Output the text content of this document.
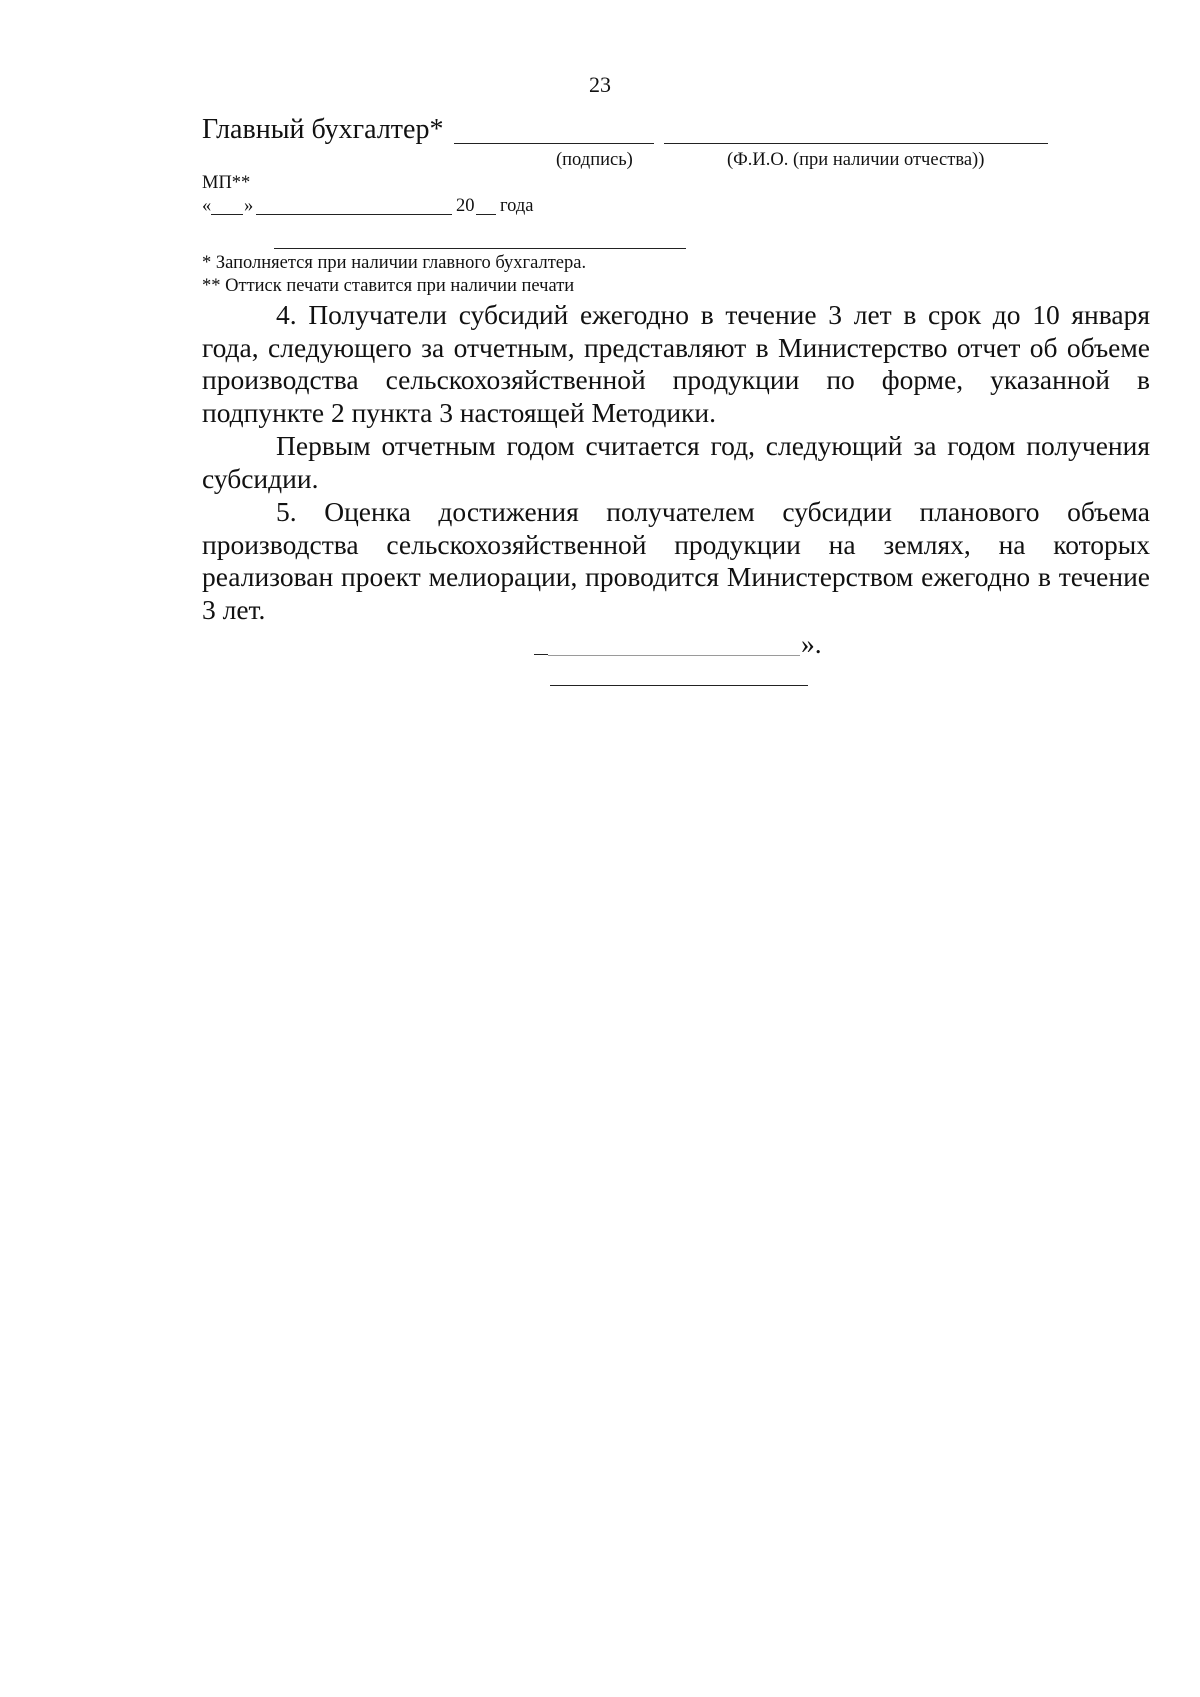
23
Главный бухгалтер*
(подпись)	(Ф.И.О. (при наличии отчества))
МП**
« »	20 года
* Заполняется при наличии главного бухгалтера.
** Оттиск печати ставится при наличии печати

4. Получатели субсидий ежегодно в течение 3 лет в срок до 10 января года, следующего за отчетным, представляют в Министерство отчет об объеме производства сельскохозяйственной продукции по форме, указанной в подпункте 2 пункта 3 настоящей Методики.

Первым отчетным годом считается год, следующий за годом получения субсидии.

5. Оценка достижения получателем субсидии планового объема производства сельскохозяйственной продукции на землях, на которых реализован проект мелиорации, проводится Министерством ежегодно в течение 3 лет.

».
